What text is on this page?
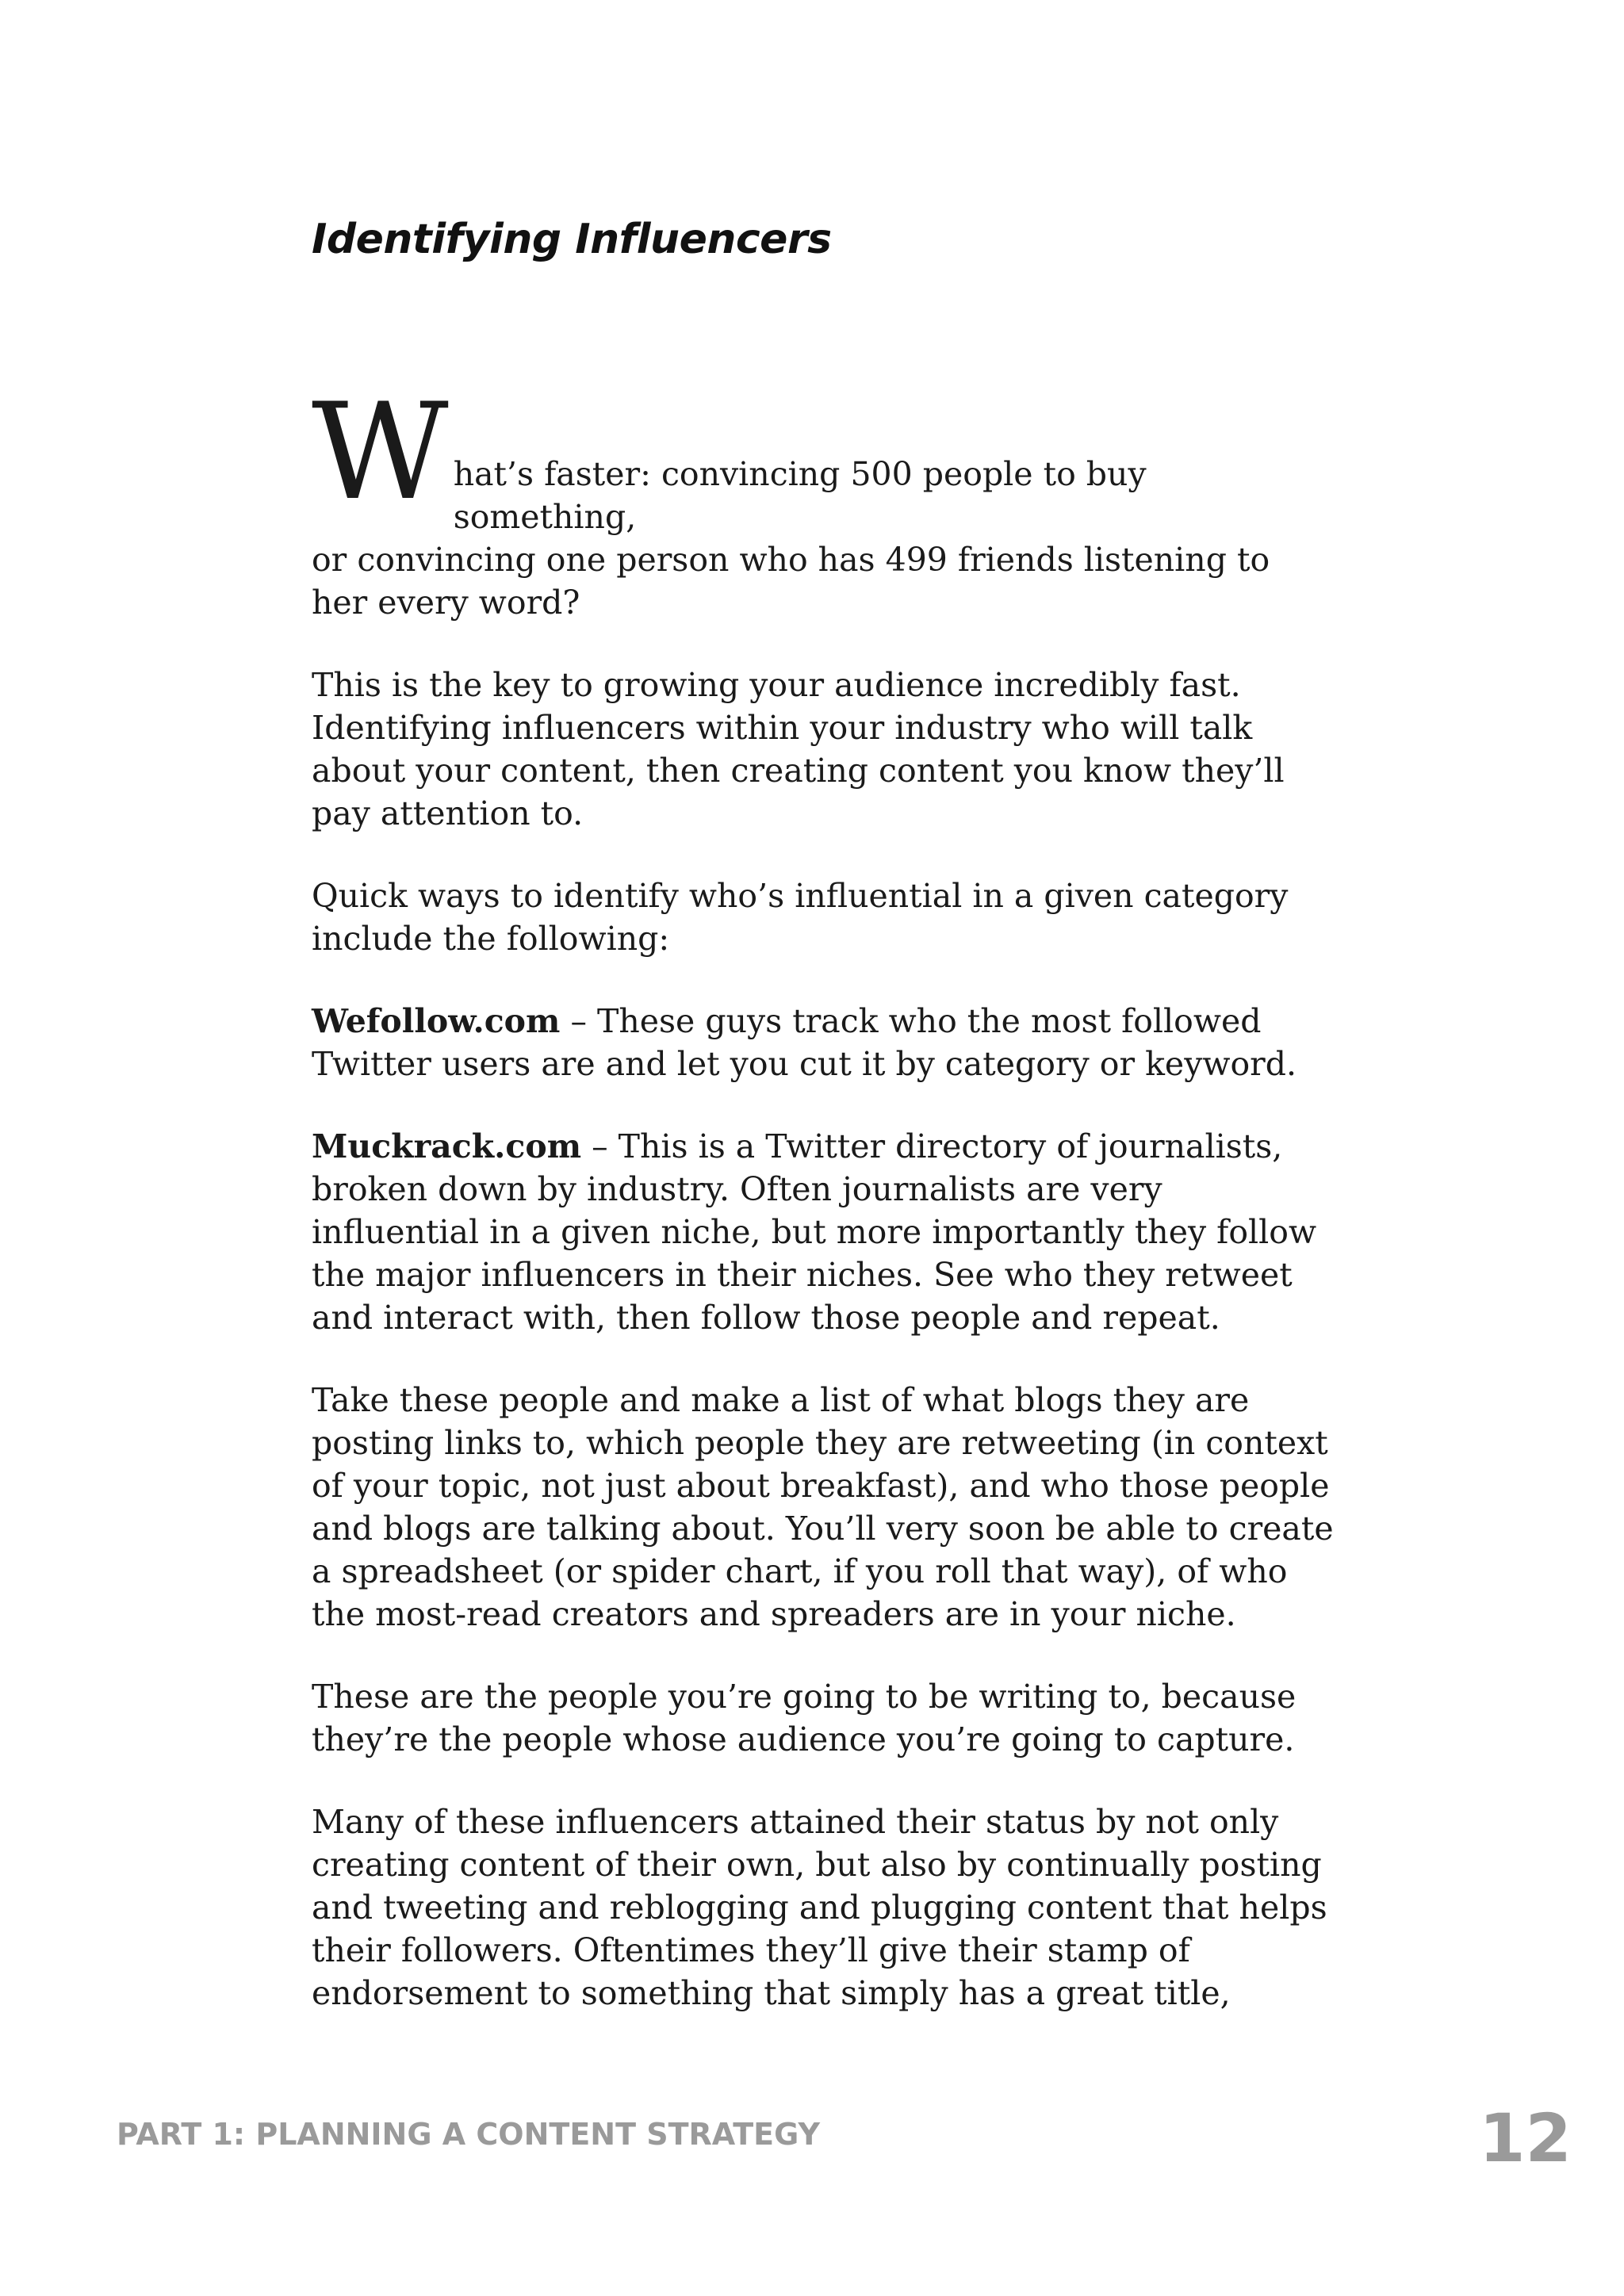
Identifying Influencers

W hat’s faster: convincing 500 people to buy something,
or convincing one person who has 499 friends listening to her every word?

This is the key to growing your audience incredibly fast. Identifying influencers within your industry who will talk about your content, then creating content you know they’ll pay attention to.

Quick ways to identify who’s influential in a given category include the following:

Wefollow.com – These guys track who the most followed Twitter users are and let you cut it by category or keyword.

Muckrack.com – This is a Twitter directory of journalists, broken down by industry. Often journalists are very influential in a given niche, but more importantly they follow the major influencers in their niches. See who they retweet and interact with, then follow those people and repeat.

Take these people and make a list of what blogs they are posting links to, which people they are retweeting (in context of your topic, not just about breakfast), and who those people and blogs are talking about. You’ll very soon be able to create a spreadsheet (or spider chart, if you roll that way), of who the most-read creators and spreaders are in your niche.

These are the people you’re going to be writing to, because they’re the people whose audience you’re going to capture.

Many of these influencers attained their status by not only creating content of their own, but also by continually posting and tweeting and reblogging and plugging content that helps their followers. Oftentimes they’ll give their stamp of endorsement to something that simply has a great title,

PART 1: PLANNING A CONTENT STRATEGY	12
